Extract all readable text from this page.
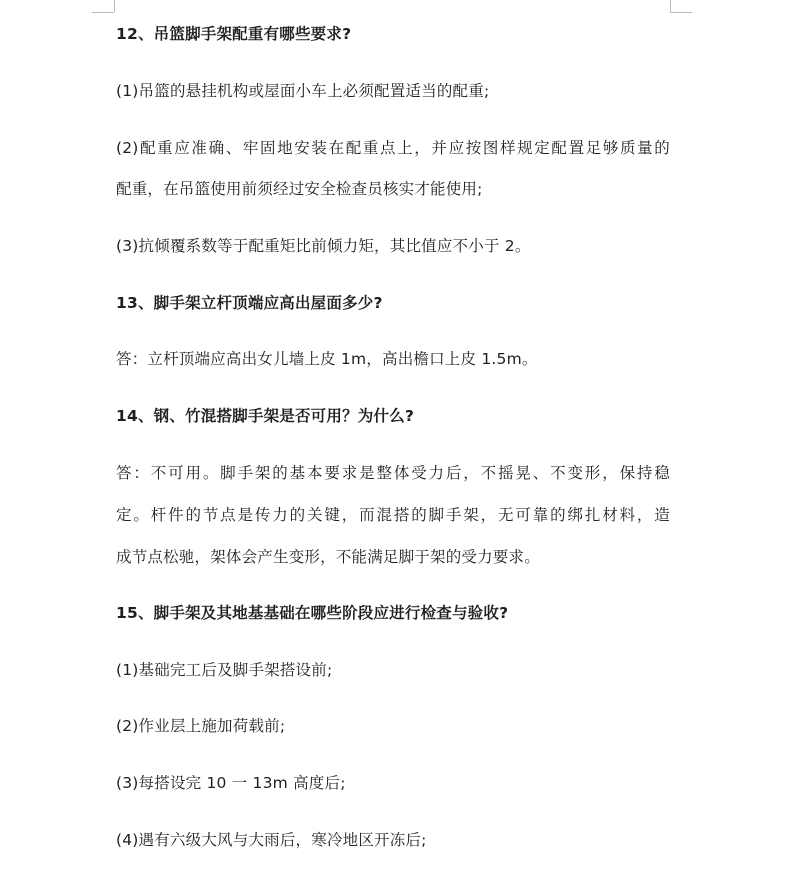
12、吊篮脚手架配重有哪些要求?
(1)吊篮的悬挂机构或屋面小车上必须配置适当的配重;
(2)配重应准确、牢固地安装在配重点上，并应按图样规定配置足够质量的
配重，在吊篮使用前须经过安全检查员核实才能使用;
(3)抗倾覆系数等于配重矩比前倾力矩，其比值应不小于 2。
13、脚手架立杆顶端应高出屋面多少?
答：立杆顶端应高出女儿墙上皮 1m，高出檐口上皮 1.5m。
14、钢、竹混搭脚手架是否可用？为什么?
答：不可用。脚手架的基本要求是整体受力后，不摇晃、不变形，保持稳
定。杆件的节点是传力的关键，而混搭的脚手架，无可靠的绑扎材料，造
成节点松驰，架体会产生变形，不能满足脚于架的受力要求。
15、脚手架及其地基基础在哪些阶段应进行检查与验收?
(1)基础完工后及脚手架搭设前;
(2)作业层上施加荷载前;
(3)每搭设完 10 一 13m 高度后;
(4)遇有六级大风与大雨后，寒冷地区开冻后;
